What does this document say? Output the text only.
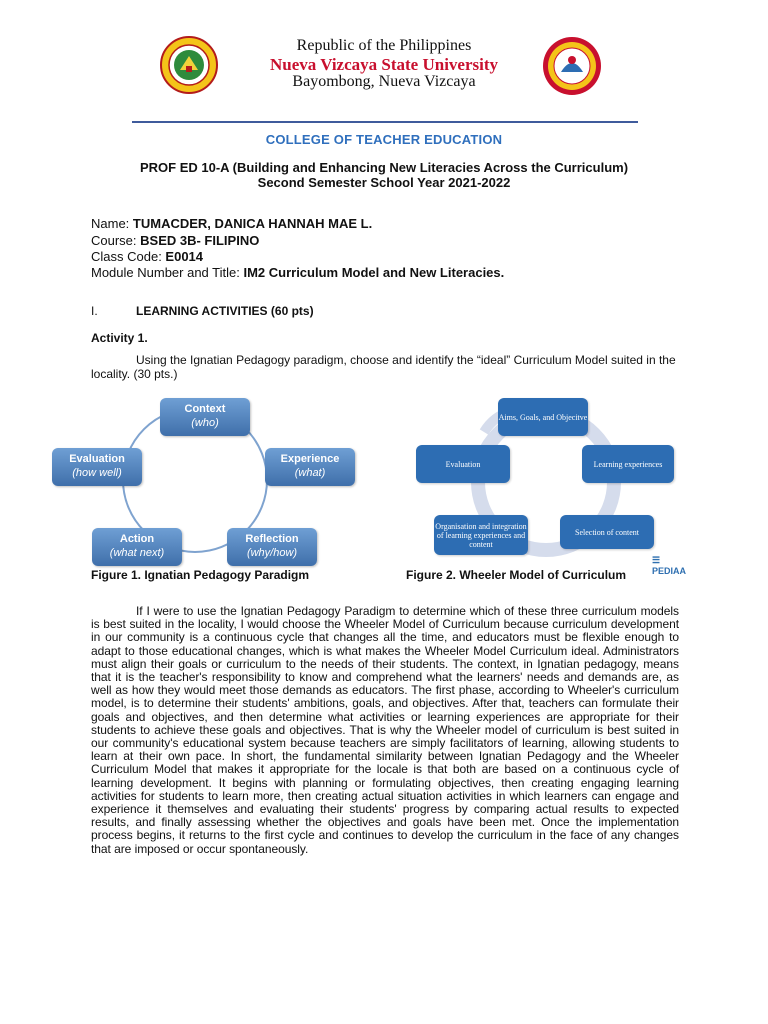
Republic of the Philippines
Nueva Vizcaya State University
Bayombong, Nueva Vizcaya
COLLEGE OF TEACHER EDUCATION
PROF ED 10-A (Building and Enhancing New Literacies Across the Curriculum)
Second Semester School Year 2021-2022
Name: TUMACDER, DANICA HANNAH MAE L.
Course: BSED 3B- FILIPINO
Class Code: E0014
Module Number and Title: IM2 Curriculum Model and New Literacies.
I.	LEARNING ACTIVITIES (60 pts)
Activity 1.
Using the Ignatian Pedagogy paradigm, choose and identify the “ideal” Curriculum Model suited in the locality. (30 pts.)
Context
(who)
Experience
(what)
Reflection
(why/how)
Action
(what next)
Evaluation
(how well)
Aims, Goals, and Objecitve
Learning experiences
Selection of content
Organisation and integration of learning experiences and content
Evaluation
☰ PEDIAA
Figure 1. Ignatian Pedagogy Paradigm	Figure 2. Wheeler Model of Curriculum
If I were to use the Ignatian Pedagogy Paradigm to determine which of these three curriculum models is best suited in the locality, I would choose the Wheeler Model of Curriculum because curriculum development in our community is a continuous cycle that changes all the time, and educators must be flexible enough to adapt to those educational changes, which is what makes the Wheeler Model Curriculum ideal. Administrators must align their goals or curriculum to the needs of their students. The context, in Ignatian pedagogy, means that it is the teacher's responsibility to know and comprehend what the learners' needs and demands are, as well as how they would meet those demands as educators. The first phase, according to Wheeler's curriculum model, is to determine their students' ambitions, goals, and objectives. After that, teachers can formulate their goals and objectives, and then determine what activities or learning experiences are appropriate for their students to achieve these goals and objectives. That is why the Wheeler model of curriculum is best suited in our community's educational system because teachers are simply facilitators of learning, allowing students to learn at their own pace. In short, the fundamental similarity between Ignatian Pedagogy and the Wheeler Curriculum Model that makes it appropriate for the locale is that both are based on a continuous cycle of learning development. It begins with planning or formulating objectives, then creating engaging learning activities for students to learn more, then creating actual situation activities in which learners can engage and experience it themselves and evaluating their students' progress by comparing actual results to expected results, and finally assessing whether the objectives and goals have been met. Once the implementation process begins, it returns to the first cycle and continues to develop the curriculum in the face of any changes that are imposed or occur spontaneously.
